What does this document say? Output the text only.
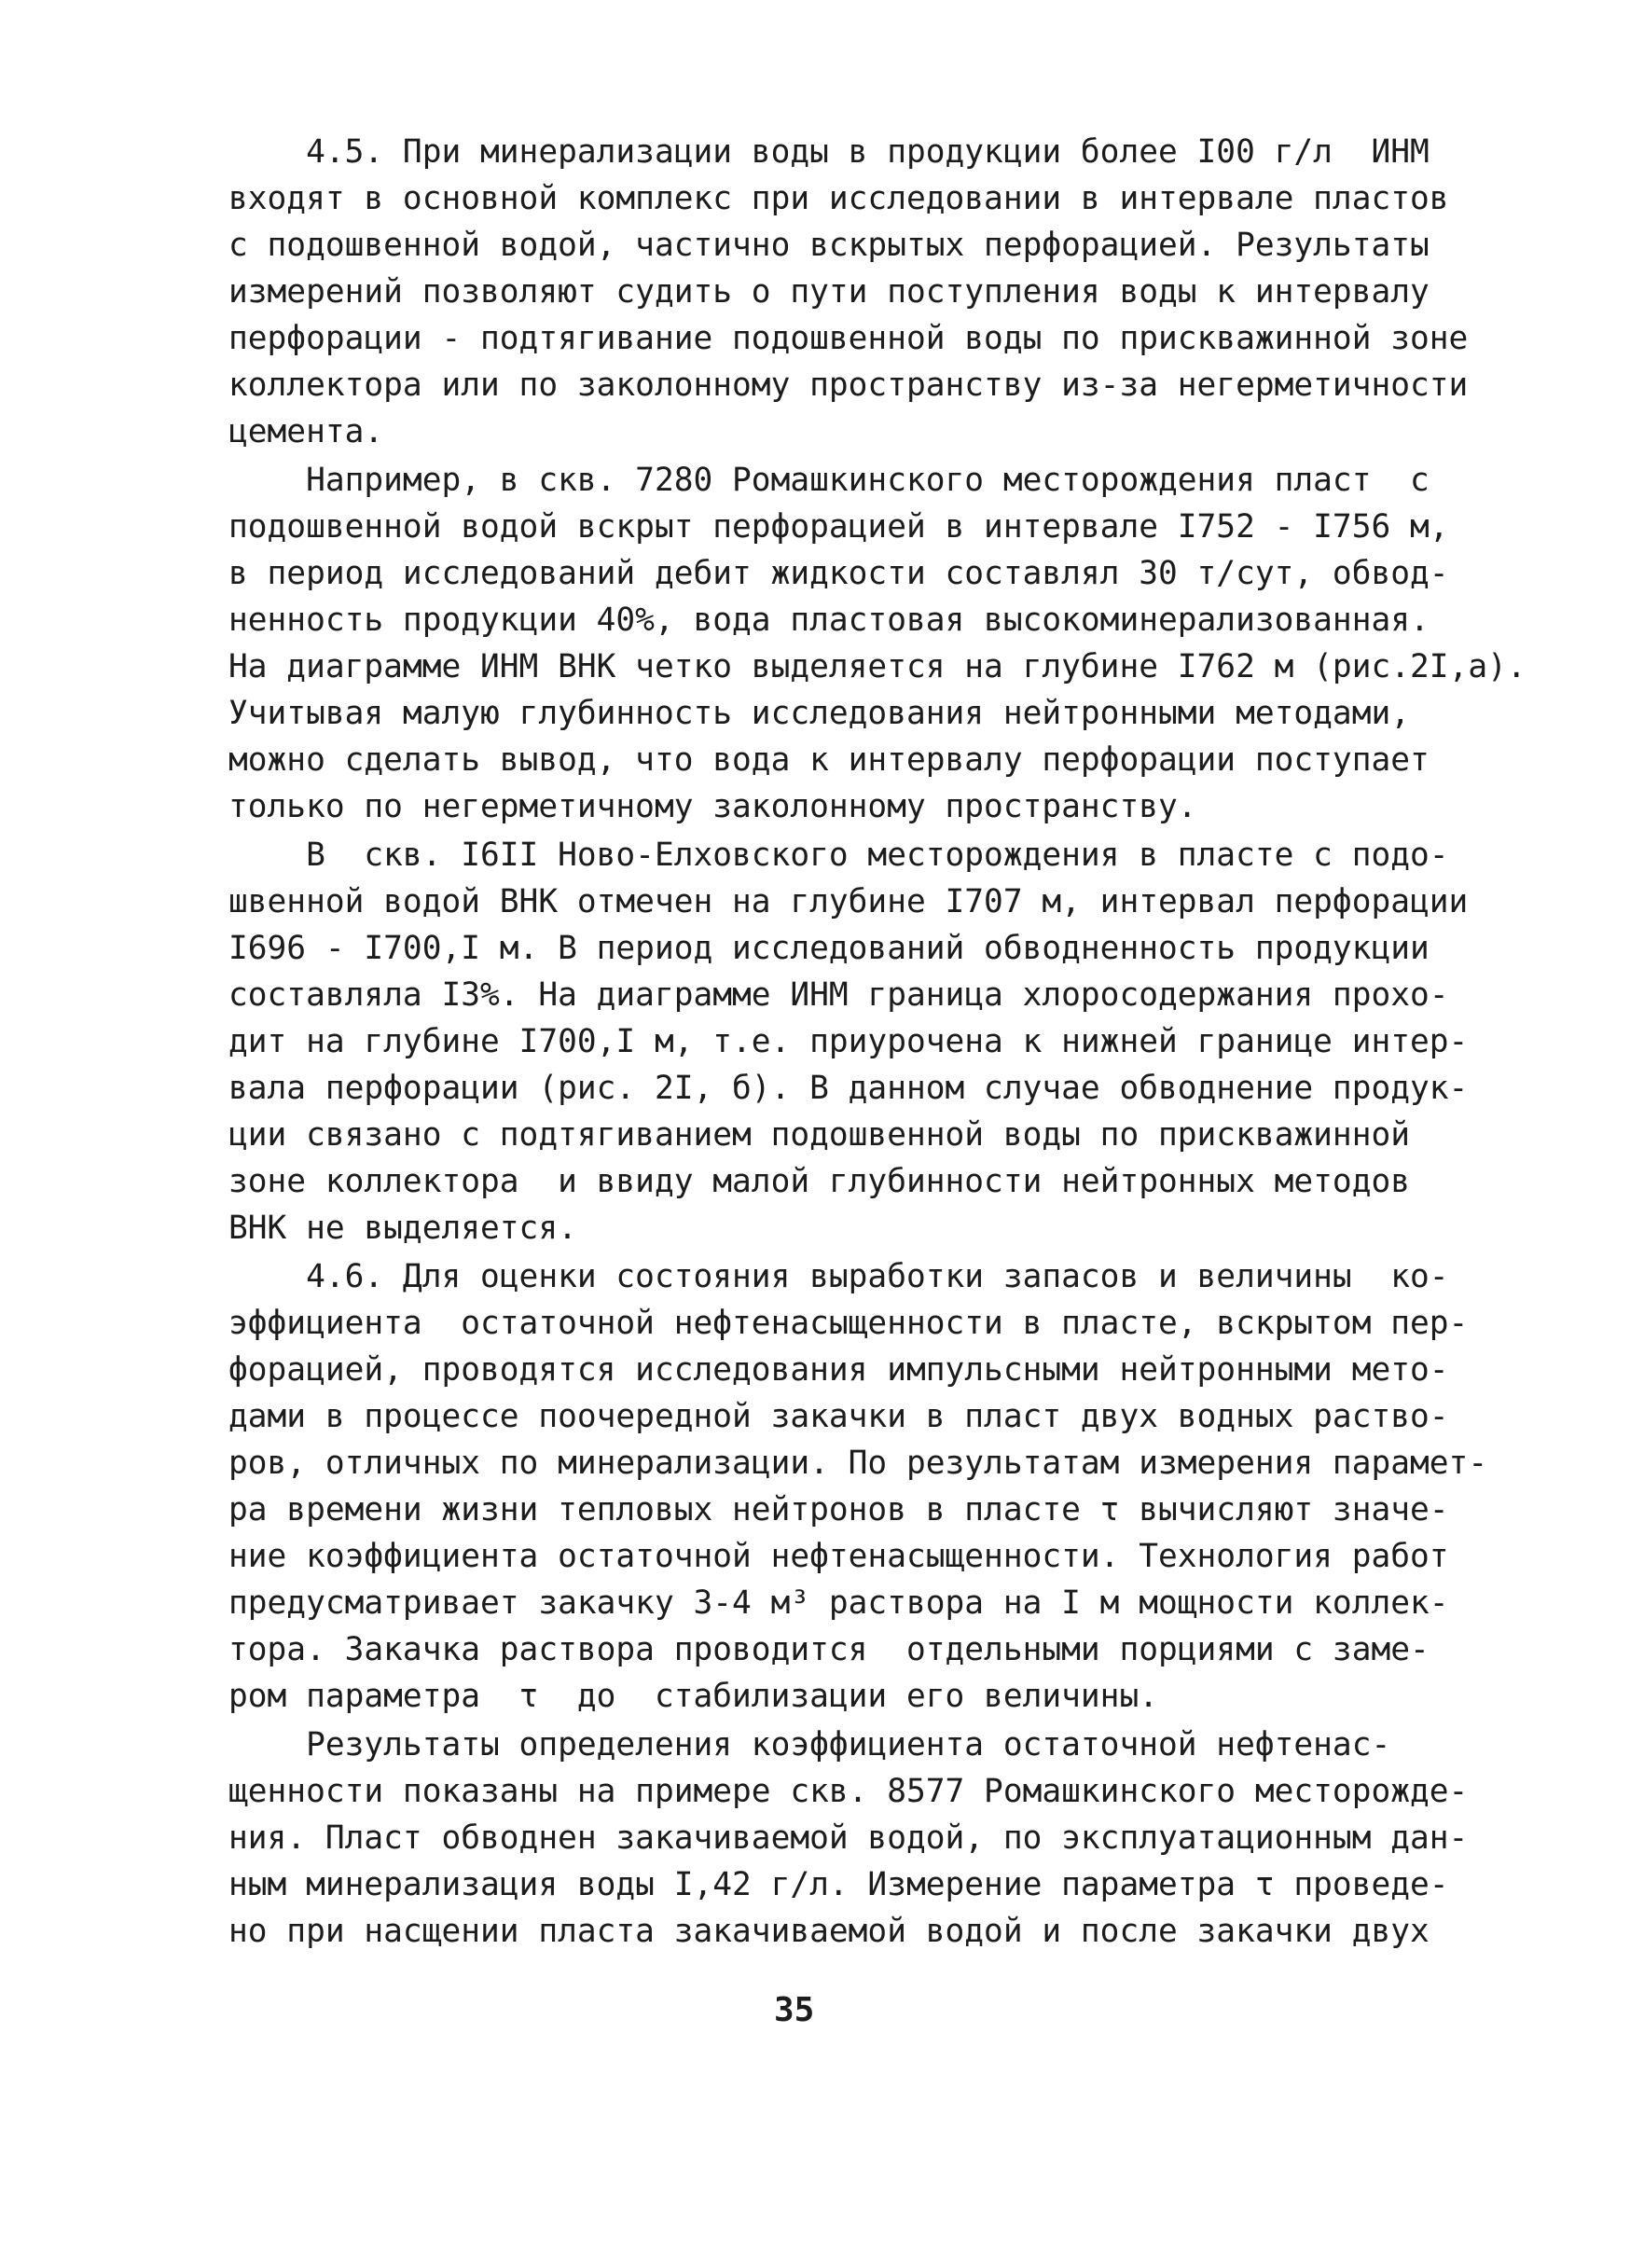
4.5. При минерализации воды в продукции более I00 г/л  ИНМ
входят в основной комплекс при исследовании в интервале пластов
с подошвенной водой, частично вскрытых перфорацией. Результаты
измерений позволяют судить о пути поступления воды к интервалу
перфорации - подтягивание подошвенной воды по прискважинной зоне
коллектора или по заколонному пространству из-за негерметичности
цемента.
Например, в скв. 7280 Ромашкинского месторождения пласт  с
подошвенной водой вскрыт перфорацией в интервале I752 - I756 м,
в период исследований дебит жидкости составлял 30 т/сут, обвод-
ненность продукции 40%, вода пластовая высокоминерализованная.
На диаграмме ИНМ ВНК четко выделяется на глубине I762 м (рис.2I,а).
Учитывая малую глубинность исследования нейтронными методами,
можно сделать вывод, что вода к интервалу перфорации поступает
только по негерметичному заколонному пространству.
В  скв. I6II Ново-Елховского месторождения в пласте с подо-
швенной водой ВНК отмечен на глубине I707 м, интервал перфорации
I696 - I700,I м. В период исследований обводненность продукции
составляла I3%. На диаграмме ИНМ граница хлоросодержания прохо-
дит на глубине I700,I м, т.е. приурочена к нижней границе интер-
вала перфорации (рис. 2I, б). В данном случае обводнение продук-
ции связано с подтягиванием подошвенной воды по прискважинной
зоне коллектора  и ввиду малой глубинности нейтронных методов
ВНК не выделяется.
4.6. Для оценки состояния выработки запасов и величины  ко-
эффициента  остаточной нефтенасыщенности в пласте, вскрытом пер-
форацией, проводятся исследования импульсными нейтронными мето-
дами в процессе поочередной закачки в пласт двух водных раство-
ров, отличных по минерализации. По результатам измерения парамет-
ра времени жизни тепловых нейтронов в пласте τ вычисляют значе-
ние коэффициента остаточной нефтенасыщенности. Технология работ
предусматривает закачку 3-4 м³ раствора на I м мощности коллек-
тора. Закачка раствора проводится  отдельными порциями с заме-
ром параметра  τ  до  стабилизации его величины.
Результаты определения коэффициента остаточной нефтенас-
щенности показаны на примере скв. 8577 Ромашкинского месторожде-
ния. Пласт обводнен закачиваемой водой, по эксплуатационным дан-
ным минерализация воды I,42 г/л. Измерение параметра τ проведе-
но при насщении пласта закачиваемой водой и после закачки двух
35
